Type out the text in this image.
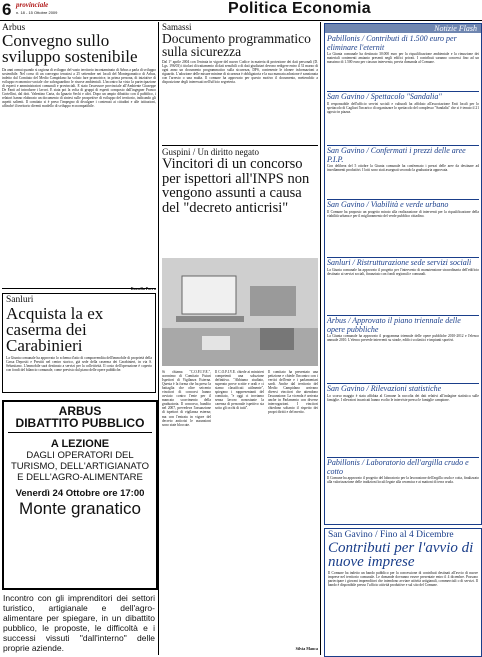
6 provinciale
n. 18 - 15 Ottobre 2009	Politica Economia
Arbus
Convegno sullo sviluppo sostenibile

Da anni ormai quando si ragiona di sviluppo del vasto territorio incontaminato di Arbus a parla di sviluppo sostenibile. Nel corso di un convegno tenutosi a 25 settembre nei locali del Montegranatico di Arbus, indetto dal Comitato del Medio Campidano ha voluto fare promotrice, in prima persona, di iniziative di sviluppo economico-sociale che salvaguardino le risorse ambientali. L'incontro ha visto la partecipazione di esperti e amministratori comunali e provinciali. E stato l'assessore provinciale all'Ambiente Giuseppe De Fanti ad introdurre i lavori. E stata poi la volta di gruppi di esperti composto dall'ingegner Franco Cortellini, dal dott. Valentino Carta, da Ignazio Sechi e altri. Dopo un ampio dibattito con il pubblico, i relatori hanno elaborato un documento di sintesi sulle prospettive di sviluppo del territorio, indicando gli aspetti salienti. Il comitato si è preso l'impegno di divulgare i contenuti ai cittadini e alle istituzioni, affinché il territorio diventi modello di sviluppo ecocompatibile.

Sanluri
Acquista la ex caserma dei Carabinieri

La Giunta comunale ha approvato lo schema d'atto di compravendita dell'immobile di proprietà della Cassa Depositi e Prestiti nel centro storico, già sede della caserma dei Carabinieri, in via S. Sebastiano. L'immobile sarà destinato a servizi per la collettività. Il costo dell'operazione è coperto con fondi del bilancio comunale, come previsto dal piano delle opere pubbliche.

ARBUS
DIBATTITO PUBBLICO
A LEZIONE
DAGLI OPERATORI DEL TURISMO, DELL'ARTIGIANATO E DELL'AGRO-ALIMENTARE
Venerdì 24 Ottobre ore 17:00
Monte granatico

Incontro con gli imprenditori dei settori turistico, artigianale e dell'agro-alimentare per spiegare, in un dibattito pubblico, le proposte, le difficoltà e i successi vissuti "dall'interno" delle proprie aziende.

Samassi
Documento programmatico sulla sicurezza

Dal 1° aprile 2004 con l'entrata in vigore del nuovo Codice in materia di protezione dei dati personali (D. Lgs. 196/03) i titolari di trattamento di dati sensibili o di dati giudiziari devono redigere entro il 31 marzo di ogni anno un documento programmatico sulla sicurezza, DPS, contenente le idonee informazioni a riguardo. L'adozione delle misure minime di sicurezza è obbligatoria e la sua mancata adozione è sanzionata con l'arresto o una multa. Il comune ha approvato per questo motivo il documento, mettendolo a disposizione degli interessati nell'ufficio segreteria.

Guspini / Un diritto negato
Vincitori di un concorso per ispettori all'INPS non vengono assunti a causa del "decreto anticrisi"

Si chiama "C.O.F.I.V.E.", acronimo di Comitato Futuri Ispettori di Vigilanza Esterna. Questa è la forma che ha preso la battaglia che oltre seicento vincitori di concorsi hanno avviato contro l'ente per il mancato scorrimento della graduatoria. Il concorso, bandito nel 2007, prevedeva l'assunzione di ispettori di vigilanza esterna; ma con l'entrata in vigore del decreto anticrisi le assunzioni sono state bloccate.

Il C.O.F.I.V.E. chiede ai ministeri competenti una soluzione definitiva. "Abbiamo studiato, superato prove scritte e orali e ci siamo classificati utilmente", spiegano i rappresentanti del comitato, "e oggi ci troviamo senza lavoro nonostante la carenza di personale ispettivo sia sotto gli occhi di tutti".

Il comitato ha presentato una petizione e chiede l'incontro con i vertici dell'ente e i parlamentari sardi. Anche dal territorio del Medio Campidano arrivano diversi vincitori che attendono l'assunzione. La vicenda è arrivata anche in Parlamento con diverse interrogazioni. I vincitori chiedono soltanto il rispetto dei propri diritti e del merito.

Silvia Manca
Notizie Flash

Pabillonis / Contributi di 1.500 euro per eliminare l'eternit

La Giunta comunale ha destinato 30.000 euro per la riqualificazione ambientale e la rimozione dei materiali contenenti amianto presenti negli edifici privati. I contributi saranno concessi fino ad un massimo di 1.500 euro per ciascun intervento, previa domanda al Comune.

San Gavino / Spettacolo "Sandalia"

Il responsabile dell'ufficio servizi sociali e culturali ha affidato all'associazione Enti locali per lo spettacolo di Cagliari l'incarico di organizzare lo spettacolo del complesso "Sandalia" che si è tenuto il 21 agosto in piazza.

San Gavino / Confermati i prezzi delle aree P.I.P.

Con delibera del 5 ottobre la Giunta comunale ha confermato i prezzi delle aree da destinare ad insediamenti produttivi. I lotti sono stati assegnati secondo la graduatoria approvata.

San Gavino / Viabilità e verde urbano

Il Comune ha proposto un progetto mirato alla realizzazione di interventi per la riqualificazione della viabilità urbana e per il miglioramento del verde pubblico cittadino.

Sanluri / Ristrutturazione sede servizi sociali

La Giunta comunale ha approvato il progetto per l'intervento di manutenzione straordinaria dell'edificio destinato ai servizi sociali, finanziato con fondi regionali e comunali.

Arbus / Approvato il piano triennale delle opere pubbliche

La Giunta comunale ha approvato il programma triennale delle opere pubbliche 2010-2012 e l'elenco annuale 2010. L'elenco prevede interventi su strade, edifici scolastici e impianti sportivi.

San Gavino / Rilevazioni statistiche

Lo scorso maggio è stata affidata al Comune la raccolta dei dati relativi all'indagine statistica sulle famiglie. I rilevatori incaricati hanno svolto le interviste presso le famiglie campione.

Pabillonis / Laboratorio dell'argilla crudo e cotto

Il Comune ha approvato il progetto del laboratorio per la lavorazione dell'argilla cruda e cotta, finalizzato alla valorizzazione delle tradizioni locali legate alla ceramica e ai mattoni di terra cruda.

San Gavino / Fino al 4 Dicembre
Contributi per l'avvio di nuove imprese

Il Comune ha indetto un bando pubblico per la concessione di contributi destinati all'avvio di nuove imprese nel territorio comunale. Le domande dovranno essere presentate entro il 4 dicembre. Possono partecipare i giovani imprenditori che intendono avviare attività artigianali, commerciali o di servizi. Il bando è disponibile presso l'ufficio attività produttive e sul sito del Comune.
